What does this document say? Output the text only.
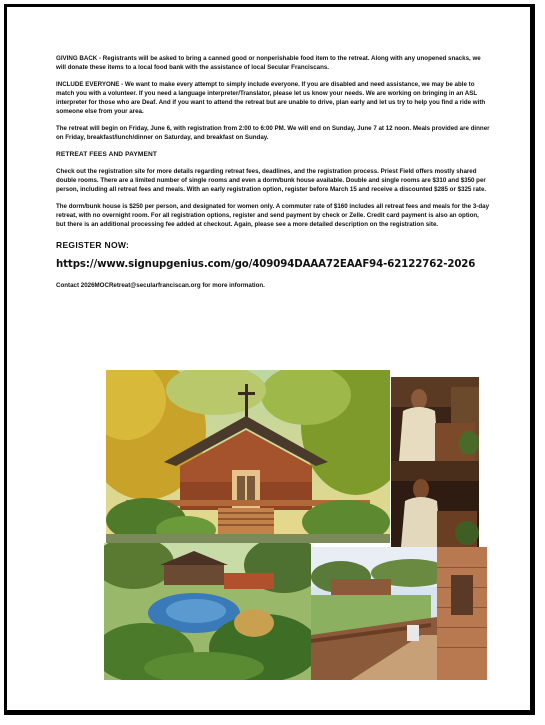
GIVING BACK - Registrants will be asked to bring a canned good or nonperishable food item to the retreat. Along with any unopened snacks, we will donate these items to a local food bank with the assistance of local Secular Franciscans.

INCLUDE EVERYONE - We want to make every attempt to simply include everyone. If you are disabled and need assistance, we may be able to match you with a volunteer. If you need a language interpreter/Translator, please let us know your needs. We are working on bringing in an ASL interpreter for those who are Deaf. And if you want to attend the retreat but are unable to drive, plan early and let us try to help you find a ride with someone else from your area.

The retreat will begin on Friday, June 6, with registration from 2:00 to 6:00 PM. We will end on Sunday, June 7 at 12 noon. Meals provided are dinner on Friday, breakfast/lunch/dinner on Saturday, and breakfast on Sunday.

RETREAT FEES AND PAYMENT

Check out the registration site for more details regarding retreat fees, deadlines, and the registration process. Priest Field offers mostly shared double rooms. There are a limited number of single rooms and even a dorm/bunk house available. Double and single rooms are $310 and $350 per person, including all retreat fees and meals. With an early registration option, register before March 15 and receive a discounted $285 or $325 rate.

The dorm/bunk house is $250 per person, and designated for women only. A commuter rate of $160 includes all retreat fees and meals for the 3-day retreat, with no overnight room. For all registration options, register and send payment by check or Zelle. Credit card payment is also an option, but there is an additional processing fee added at checkout. Again, please see a more detailed description on the registration site.

REGISTER NOW:
https://www.signupgenius.com/go/409094DAAA72EAAF94-62122762-2026
Contact 2026MOCRetreat@secularfranciscan.org for more information.
